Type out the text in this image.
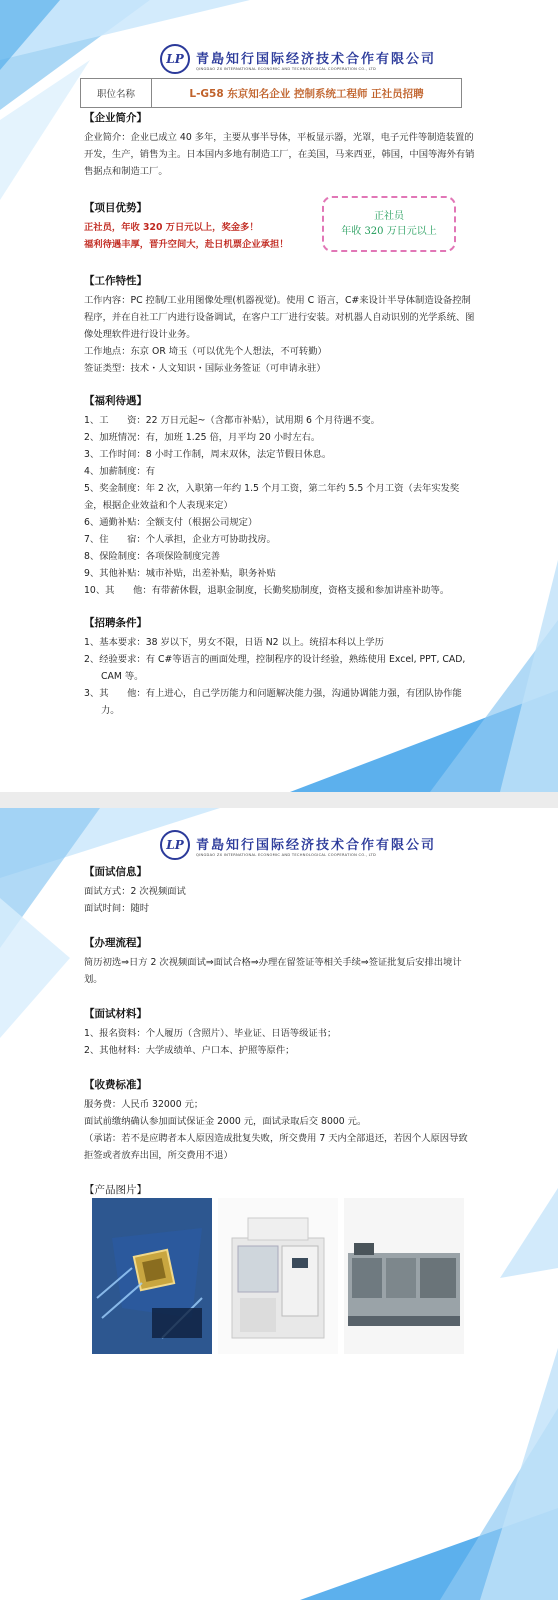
LP 青島知行国际经济技术合作有限公司
QINGDAO ZX INTERNATIONAL ECONOMIC AND TECHNOLOGICAL COOPERATION CO., LTD
职位名称	L-G58 东京知名企业 控制系统工程师 正社员招聘
【企业简介】

企业简介：企业已成立 40 多年，主要从事半导体，平板显示器，光罩，电子元件等制造装置的开发，生产，销售为主。日本国内多地有制造工厂，在美国，马来西亚，韩国，中国等海外有销售据点和制造工厂。

【项目优势】

正社员，年收 320 万日元以上，奖金多！

福利待遇丰厚，晋升空间大，赴日机票企业承担！

【工作特性】

工作内容：PC 控制/工业用图像处理(机器视觉)。使用 C 语言，C#来设计半导体制造设备控制程序，并在自社工厂内进行设备调试，在客户工厂进行安装。对机器人自动识别的光学系统、图像处理软件进行设计业务。

工作地点：东京 OR 埼玉（可以优先个人想法，不可转勤）

签证类型：技术・人文知识・国际业务签证（可申请永驻）

【福利待遇】

1、工　　资：22 万日元起~（含都市补贴），试用期 6 个月待遇不变。

2、加班情况：有，加班 1.25 倍，月平均 20 小时左右。

3、工作时间：8 小时工作制，周末双休，法定节假日休息。

4、加薪制度：有

5、奖金制度：年 2 次，入职第一年约 1.5 个月工资，第二年约 5.5 个月工资（去年实发奖金，根据企业效益和个人表现来定）

6、通勤补贴：全额支付（根据公司规定）

7、住　　宿：个人承担，企业方可协助找房。

8、保险制度：各项保险制度完善

9、其他补贴：城市补贴，出差补贴，职务补贴

10、其　　他：有带薪休假，退职金制度，长勤奖励制度，资格支援和参加讲座补助等。

【招聘条件】

1、基本要求：38 岁以下，男女不限，日语 N2 以上。统招本科以上学历

2、经验要求：有 C#等语言的画面处理，控制程序的设计经验，熟练使用 Excel, PPT, CAD, CAM 等。

3、其　　他：有上进心，自己学历能力和问题解决能力强，沟通协调能力强，有团队协作能力。

正社员
年收 320 万日元以上
LP 青島知行国际经济技术合作有限公司
QINGDAO ZX INTERNATIONAL ECONOMIC AND TECHNOLOGICAL COOPERATION CO., LTD
【面试信息】

面试方式：2 次视频面试

面试时间：随时

【办理流程】

简历初选⇒日方 2 次视频面试⇒面试合格⇒办理在留签证等相关手续⇒签证批复后安排出境计划。

【面试材料】

1、报名资料：个人履历（含照片）、毕业证、日语等级证书；

2、其他材料：大学成绩单、户口本、护照等原件；

【收费标准】

服务费：人民币 32000 元；

面试前缴纳确认参加面试保证金 2000 元，面试录取后交 8000 元。

（承诺：若不是应聘者本人原因造成批复失败，所交费用 7 天内全部退还，若因个人原因导致拒签或者放弃出国，所交费用不退）

【产品图片】
